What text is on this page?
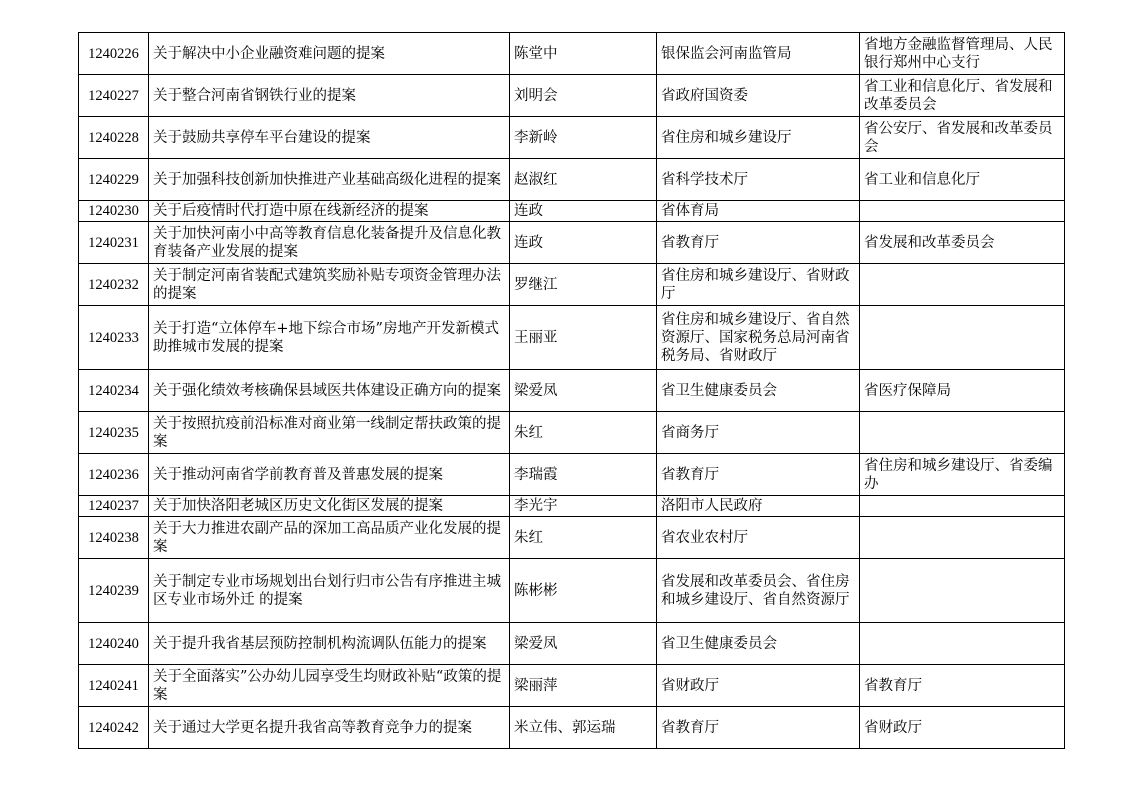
1240226	关于解决中小企业融资难问题的提案	陈堂中	银保监会河南监管局	省地方金融监督管理局、人民银行郑州中心支行
1240227	关于整合河南省钢铁行业的提案	刘明会	省政府国资委	省工业和信息化厅、省发展和改革委员会
1240228	关于鼓励共享停车平台建设的提案	李新岭	省住房和城乡建设厅	省公安厅、省发展和改革委员会
1240229	关于加强科技创新加快推进产业基础高级化进程的提案	赵淑红	省科学技术厅	省工业和信息化厅
1240230	关于后疫情时代打造中原在线新经济的提案	连政	省体育局	
1240231	关于加快河南小中高等教育信息化装备提升及信息化教育装备产业发展的提案	连政	省教育厅	省发展和改革委员会
1240232	关于制定河南省装配式建筑奖励补贴专项资金管理办法的提案	罗继江	省住房和城乡建设厅、省财政厅	
1240233	关于打造“立体停车+地下综合市场”房地产开发新模式助推城市发展的提案	王丽亚	省住房和城乡建设厅、省自然资源厅、国家税务总局河南省税务局、省财政厅	
1240234	关于强化绩效考核确保县域医共体建设正确方向的提案	梁爱凤	省卫生健康委员会	省医疗保障局
1240235	关于按照抗疫前沿标准对商业第一线制定帮扶政策的提案	朱红	省商务厅	
1240236	关于推动河南省学前教育普及普惠发展的提案	李瑞霞	省教育厅	省住房和城乡建设厅、省委编办
1240237	关于加快洛阳老城区历史文化街区发展的提案	李光宇	洛阳市人民政府	
1240238	关于大力推进农副产品的深加工高品质产业化发展的提案	朱红	省农业农村厅	
1240239	关于制定专业市场规划出台划行归市公告有序推进主城区专业市场外迁 的提案	陈彬彬	省发展和改革委员会、省住房和城乡建设厅、省自然资源厅	
1240240	关于提升我省基层预防控制机构流调队伍能力的提案	梁爱凤	省卫生健康委员会	
1240241	关于全面落实”公办幼儿园享受生均财政补贴“政策的提案	梁丽萍	省财政厅	省教育厅
1240242	关于通过大学更名提升我省高等教育竞争力的提案	米立伟、郭运瑞	省教育厅	省财政厅
